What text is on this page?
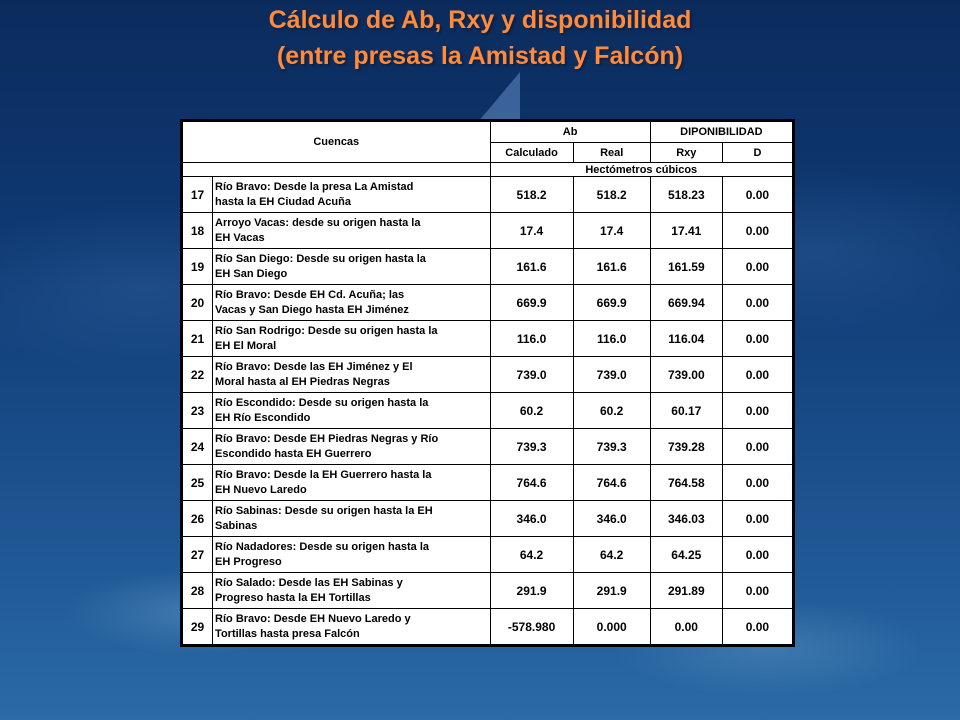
Cálculo de Ab, Rxy y disponibilidad
(entre presas la Amistad y Falcón)
Cuencas		Ab		DIPONIBILIDAD	
		Calculado	Real	Rxy	D
		Hectómetros cúbicos			
17	Río Bravo: Desde la presa La Amistad
hasta la EH Ciudad Acuña	518.2	518.2	518.23	0.00
18	Arroyo Vacas: desde su origen hasta la
EH Vacas	17.4	17.4	17.41	0.00
19	Río San Diego: Desde su origen hasta la
EH San Diego	161.6	161.6	161.59	0.00
20	Río Bravo: Desde EH Cd. Acuña; las
Vacas y San Diego hasta EH Jiménez	669.9	669.9	669.94	0.00
21	Río San Rodrigo: Desde su origen hasta la
EH El Moral	116.0	116.0	116.04	0.00
22	Río Bravo: Desde las EH Jiménez y El
Moral hasta al EH Piedras Negras	739.0	739.0	739.00	0.00
23	Río Escondido: Desde su origen hasta la
EH Río Escondido	60.2	60.2	60.17	0.00
24	Río Bravo: Desde EH Piedras Negras y Río
Escondido hasta EH Guerrero	739.3	739.3	739.28	0.00
25	Río Bravo: Desde la EH Guerrero hasta la
EH Nuevo Laredo	764.6	764.6	764.58	0.00
26	Río Sabinas: Desde su origen hasta la EH
Sabinas	346.0	346.0	346.03	0.00
27	Río Nadadores: Desde su origen hasta la
EH Progreso	64.2	64.2	64.25	0.00
28	Río Salado: Desde las EH Sabinas y
Progreso hasta la EH Tortillas	291.9	291.9	291.89	0.00
29	Río Bravo: Desde EH Nuevo Laredo y
Tortillas hasta presa Falcón	-578.980	0.000	0.00	0.00
